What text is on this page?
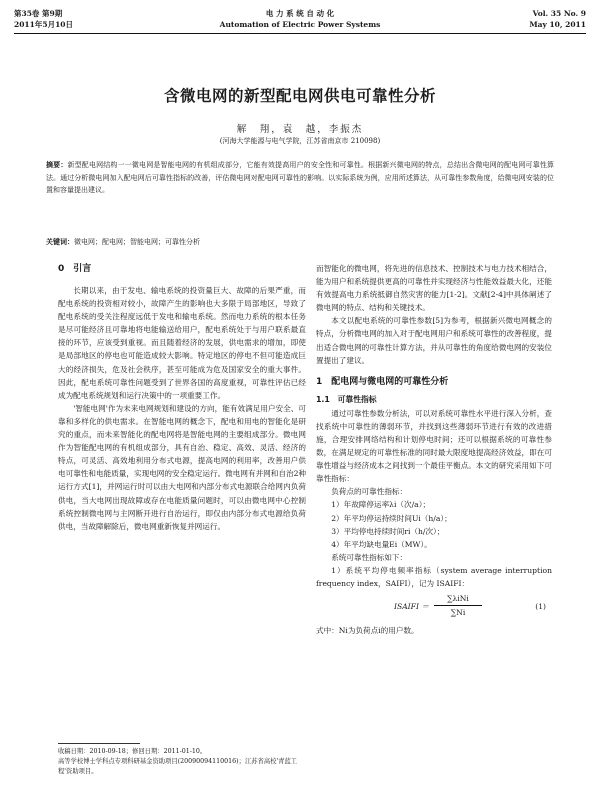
第35卷 第9期
2011年5月10日
电 力 系 统 自 动 化
Automation of Electric Power Systems
Vol. 35 No. 9
May 10, 2011
含微电网的新型配电网供电可靠性分析
解　翔，袁　越，李振杰
(河海大学能源与电气学院，江苏省南京市 210098)
摘要：新型配电网结构一一微电网是智能电网的有机组成部分，它能有效提高用户的安全性和可靠性。根据新兴微电网的特点，总结出含微电网的配电网可靠性算法。通过分析微电网加入配电网后可靠性指标的改善，评估微电网对配电网可靠性的影响。以实际系统为例，应用所述算法，从可靠性参数角度，给微电网安装的位置和容量提出建议。
关键词：微电网；配电网；智能电网；可靠性分析
0　引言

长期以来，由于发电、输电系统的投资量巨大、故障的后果严重，而配电系统的投资相对较小，故障产生的影响也大多限于局部地区，导致了配电系统的受关注程度远低于发电和输电系统。然而电力系统的根本任务是尽可能经济且可靠地将电能输送给用户，配电系统处于与用户联系最直接的环节，应该受到重视。而且随着经济的发展，供电需求的增加，即使是局部地区的停电也可能造成较大影响。特定地区的停电不但可能造成巨大的经济损失，危及社会秩序，甚至可能成为危及国家安全的重大事件。因此，配电系统可靠性问题受到了世界各国的高度重视，可靠性评估已经成为配电系统规划和运行决策中的一项重要工作。

'智能电网'作为未来电网规划和建设的方向，能有效满足用户安全、可靠和多样化的供电需求。在智能电网的概念下，配电和用电的智能化是研究的重点，而未来智能化的配电网将是智能电网的主要组成部分。微电网作为智能配电网的有机组成部分，具有自治、稳定、高效、灵活、经济的特点，可灵活、高效地利用分布式电源，提高电网的利用率，改善用户供电可靠性和电能质量，实现电网的安全稳定运行。微电网有并网和自治2种运行方式[1]，并网运行时可以由大电网和内部分布式电源联合给网内负荷供电，当大电网出现故障或存在电能质量问题时，可以由微电网中心控制系统控制微电网与主网断开进行自治运行，即仅由内部分布式电源给负荷供电，当故障解除后，微电网重新恢复并网运行。

而智能化的微电网，将先进的信息技术、控制技术与电力技术相结合，能为用户和系统提供更高的可靠性并实现经济与性能效益最大化，还能有效提高电力系统抵御自然灾害的能力[1-2]。文献[2-4]中具体阐述了微电网的特点、结构和关键技术。

本文以配电系统的可靠性参数[5]为参考，根据新兴微电网概念的特点，分析微电网的加入对于配电网用户和系统可靠性的改善程度，提出适合微电网的可靠性计算方法，并从可靠性的角度给微电网的安装位置提出了建议。

1　配电网与微电网的可靠性分析
1.1　可靠性指标

通过可靠性参数分析法，可以对系统可靠性水平进行深入分析，查找系统中可靠性的薄弱环节，并找到这些薄弱环节进行有效的改进措施，合理安排网络结构和计划停电时间；还可以根据系统的可靠性参数，在满足规定的可靠性标准的同时最大限度地提高经济效益，即在可靠性增益与经济成本之间找到一个最佳平衡点。本文的研究采用如下可靠性指标：

负荷点的可靠性指标：
1）年故障停运率λi（次/a）；
2）年平均停运持续时间Ui（h/a）；
3）平均停电持续时间ri（h/次）；
4）年平均缺电量Ei（MW）。
系统可靠性指标如下：

1）系统平均停电频率指标（system average interruption frequency index，SAIFI），记为 ISAIFI：

ISAIFI ＝
∑λiNi
∑Ni
(1)
式中：Ni为负荷点i的用户数。
收稿日期：2010-09-18；修回日期：2011-01-10。
高等学校博士学科点专项科研基金资助项目(20090094110016)；江苏省高校'青蓝工程'资助项目。
